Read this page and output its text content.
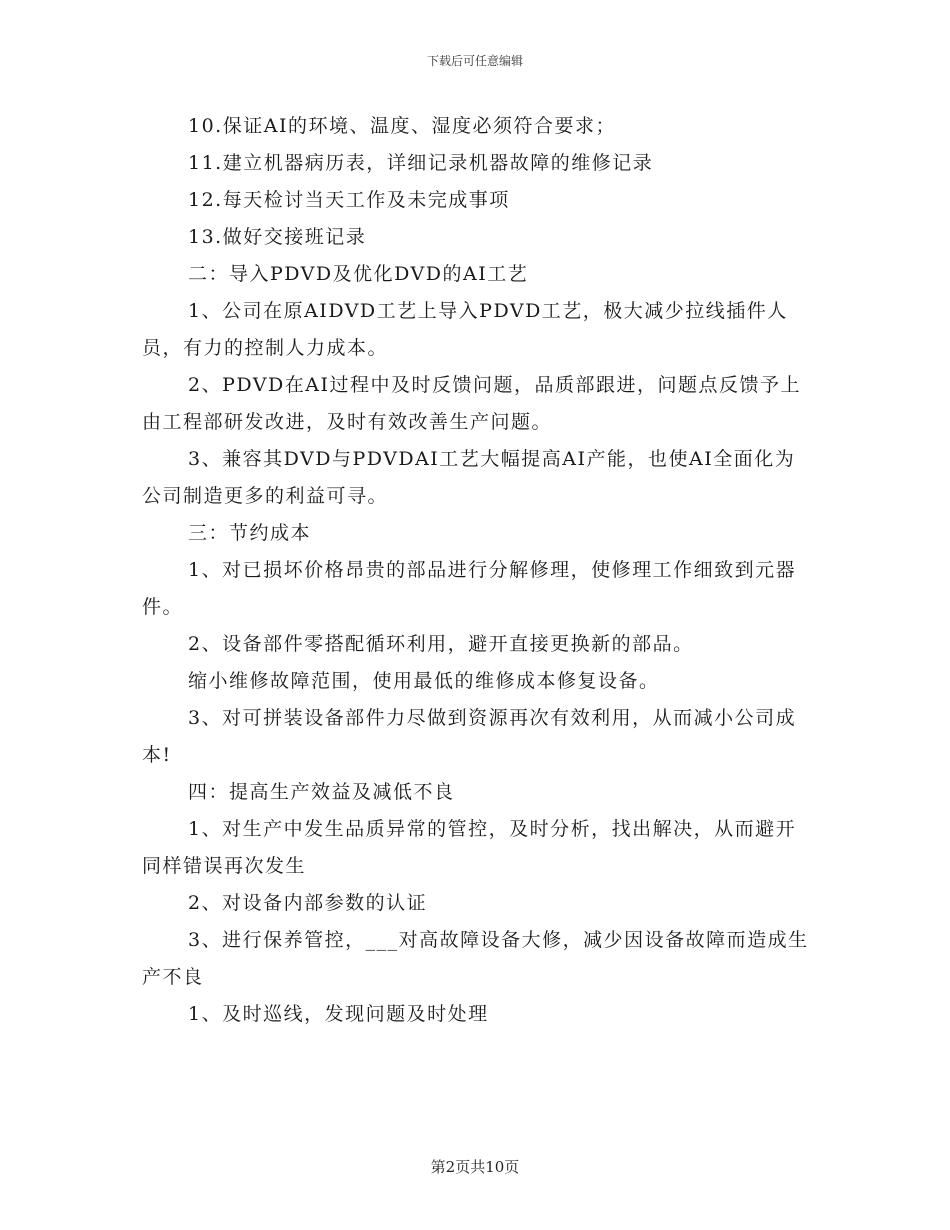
下载后可任意编辑

10.保证AI的环境、温度、湿度必须符合要求；

11.建立机器病历表，详细记录机器故障的维修记录

12.每天检讨当天工作及未完成事项

13.做好交接班记录

二：导入PDVD及优化DVD的AI工艺

1、公司在原AIDVD工艺上导入PDVD工艺，极大减少拉线插件人员，有力的控制人力成本。

2、PDVD在AI过程中及时反馈问题，品质部跟进，问题点反馈予上由工程部研发改进，及时有效改善生产问题。

3、兼容其DVD与PDVDAI工艺大幅提高AI产能，也使AI全面化为公司制造更多的利益可寻。

三：节约成本

1、对已损坏价格昂贵的部品进行分解修理，使修理工作细致到元器件。

2、设备部件零搭配循环利用，避开直接更换新的部品。

缩小维修故障范围，使用最低的维修成本修复设备。

3、对可拼装设备部件力尽做到资源再次有效利用，从而减小公司成本!

四：提高生产效益及减低不良

1、对生产中发生品质异常的管控，及时分析，找出解决，从而避开同样错误再次发生

2、对设备内部参数的认证

3、进行保养管控，___对高故障设备大修，减少因设备故障而造成生产不良

1、及时巡线，发现问题及时处理

第2页共10页
